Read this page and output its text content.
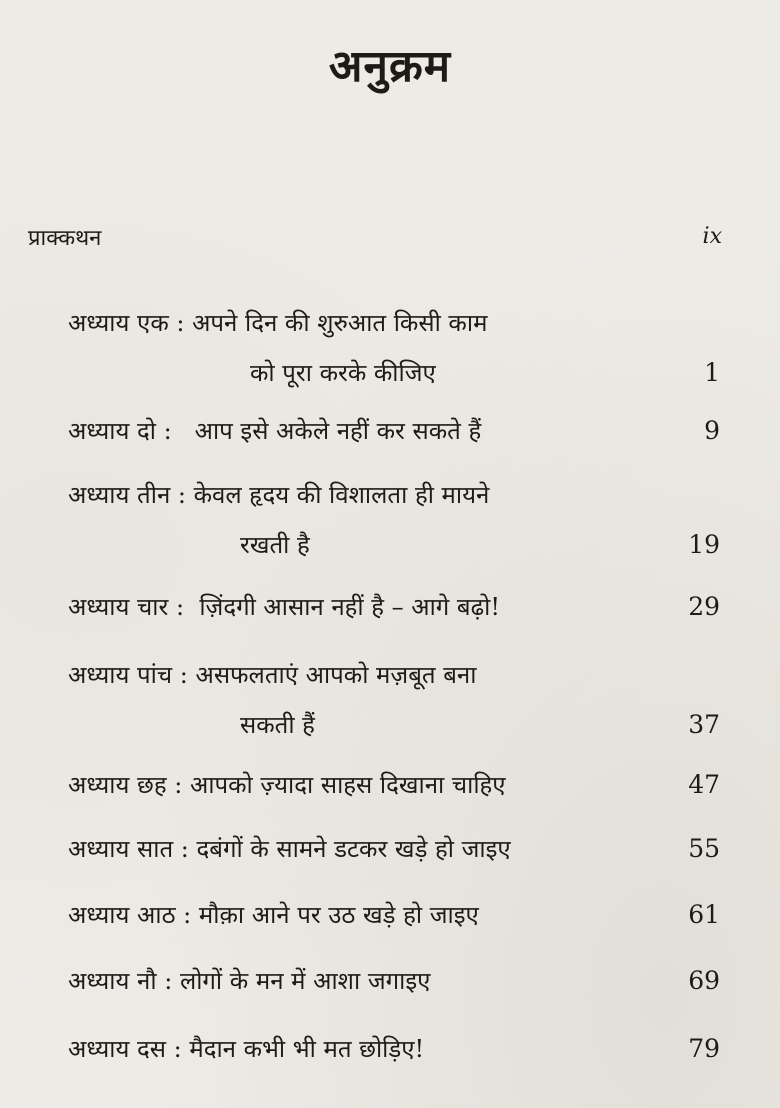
अनुक्रम
प्राक्कथन	ix
अध्याय एक : अपने दिन की शुरुआत किसी काम
को पूरा करके कीजिए	1
अध्याय दो :   आप इसे अकेले नहीं कर सकते हैं	9
अध्याय तीन : केवल हृदय की विशालता ही मायने
रखती है	19
अध्याय चार :  ज़िंदगी आसान नहीं है – आगे बढ़ो!	29
अध्याय पांच : असफलताएं आपको मज़बूत बना
सकती हैं	37
अध्याय छह : आपको ज़्यादा साहस दिखाना चाहिए	47
अध्याय सात : दबंगों के सामने डटकर खड़े हो जाइए	55
अध्याय आठ : मौक़ा आने पर उठ खड़े हो जाइए	61
अध्याय नौ : लोगों के मन में आशा जगाइए	69
अध्याय दस : मैदान कभी भी मत छोड़िए!	79
